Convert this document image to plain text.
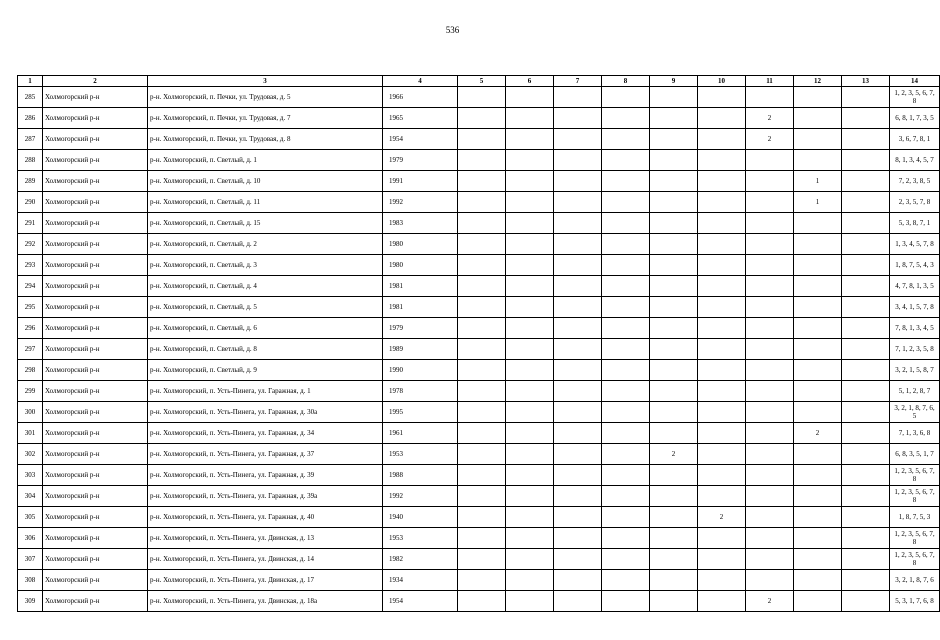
536
1	2	3	4	5	6	7	8	9	10	11	12	13	14
285	Холмогорский р-н	р-н. Холмогорский, п. Печки, ул. Трудовая, д. 5	1966										1, 2, 3, 5, 6, 7, 8
286	Холмогорский р-н	р-н. Холмогорский, п. Печки, ул. Трудовая, д. 7	1965							2			6, 8, 1, 7, 3, 5
287	Холмогорский р-н	р-н. Холмогорский, п. Печки, ул. Трудовая, д. 8	1954							2			3, 6, 7, 8, 1
288	Холмогорский р-н	р-н. Холмогорский, п. Светлый, д. 1	1979										8, 1, 3, 4, 5, 7
289	Холмогорский р-н	р-н. Холмогорский, п. Светлый, д. 10	1991								1		7, 2, 3, 8, 5
290	Холмогорский р-н	р-н. Холмогорский, п. Светлый, д. 11	1992								1		2, 3, 5, 7, 8
291	Холмогорский р-н	р-н. Холмогорский, п. Светлый, д. 15	1983										5, 3, 8, 7, 1
292	Холмогорский р-н	р-н. Холмогорский, п. Светлый, д. 2	1980										1, 3, 4, 5, 7, 8
293	Холмогорский р-н	р-н. Холмогорский, п. Светлый, д. 3	1980										1, 8, 7, 5, 4, 3
294	Холмогорский р-н	р-н. Холмогорский, п. Светлый, д. 4	1981										4, 7, 8, 1, 3, 5
295	Холмогорский р-н	р-н. Холмогорский, п. Светлый, д. 5	1981										3, 4, 1, 5, 7, 8
296	Холмогорский р-н	р-н. Холмогорский, п. Светлый, д. 6	1979										7, 8, 1, 3, 4, 5
297	Холмогорский р-н	р-н. Холмогорский, п. Светлый, д. 8	1989										7, 1, 2, 3, 5, 8
298	Холмогорский р-н	р-н. Холмогорский, п. Светлый, д. 9	1990										3, 2, 1, 5, 8, 7
299	Холмогорский р-н	р-н. Холмогорский, п. Усть-Пинега, ул. Гаражная, д. 1	1978										5, 1, 2, 8, 7
300	Холмогорский р-н	р-н. Холмогорский, п. Усть-Пинега, ул. Гаражная, д. 30а	1995										3, 2, 1, 8, 7, 6, 5
301	Холмогорский р-н	р-н. Холмогорский, п. Усть-Пинега, ул. Гаражная, д. 34	1961								2		7, 1, 3, 6, 8
302	Холмогорский р-н	р-н. Холмогорский, п. Усть-Пинега, ул. Гаражная, д. 37	1953					2					6, 8, 3, 5, 1, 7
303	Холмогорский р-н	р-н. Холмогорский, п. Усть-Пинега, ул. Гаражная, д. 39	1988										1, 2, 3, 5, 6, 7, 8
304	Холмогорский р-н	р-н. Холмогорский, п. Усть-Пинега, ул. Гаражная, д. 39а	1992										1, 2, 3, 5, 6, 7, 8
305	Холмогорский р-н	р-н. Холмогорский, п. Усть-Пинега, ул. Гаражная, д. 40	1940						2				1, 8, 7, 5, 3
306	Холмогорский р-н	р-н. Холмогорский, п. Усть-Пинега, ул. Двинская, д. 13	1953										1, 2, 3, 5, 6, 7, 8
307	Холмогорский р-н	р-н. Холмогорский, п. Усть-Пинега, ул. Двинская, д. 14	1982										1, 2, 3, 5, 6, 7, 8
308	Холмогорский р-н	р-н. Холмогорский, п. Усть-Пинега, ул. Двинская, д. 17	1934										3, 2, 1, 8, 7, 6
309	Холмогорский р-н	р-н. Холмогорский, п. Усть-Пинега, ул. Двинская, д. 18а	1954							2			5, 3, 1, 7, 6, 8
